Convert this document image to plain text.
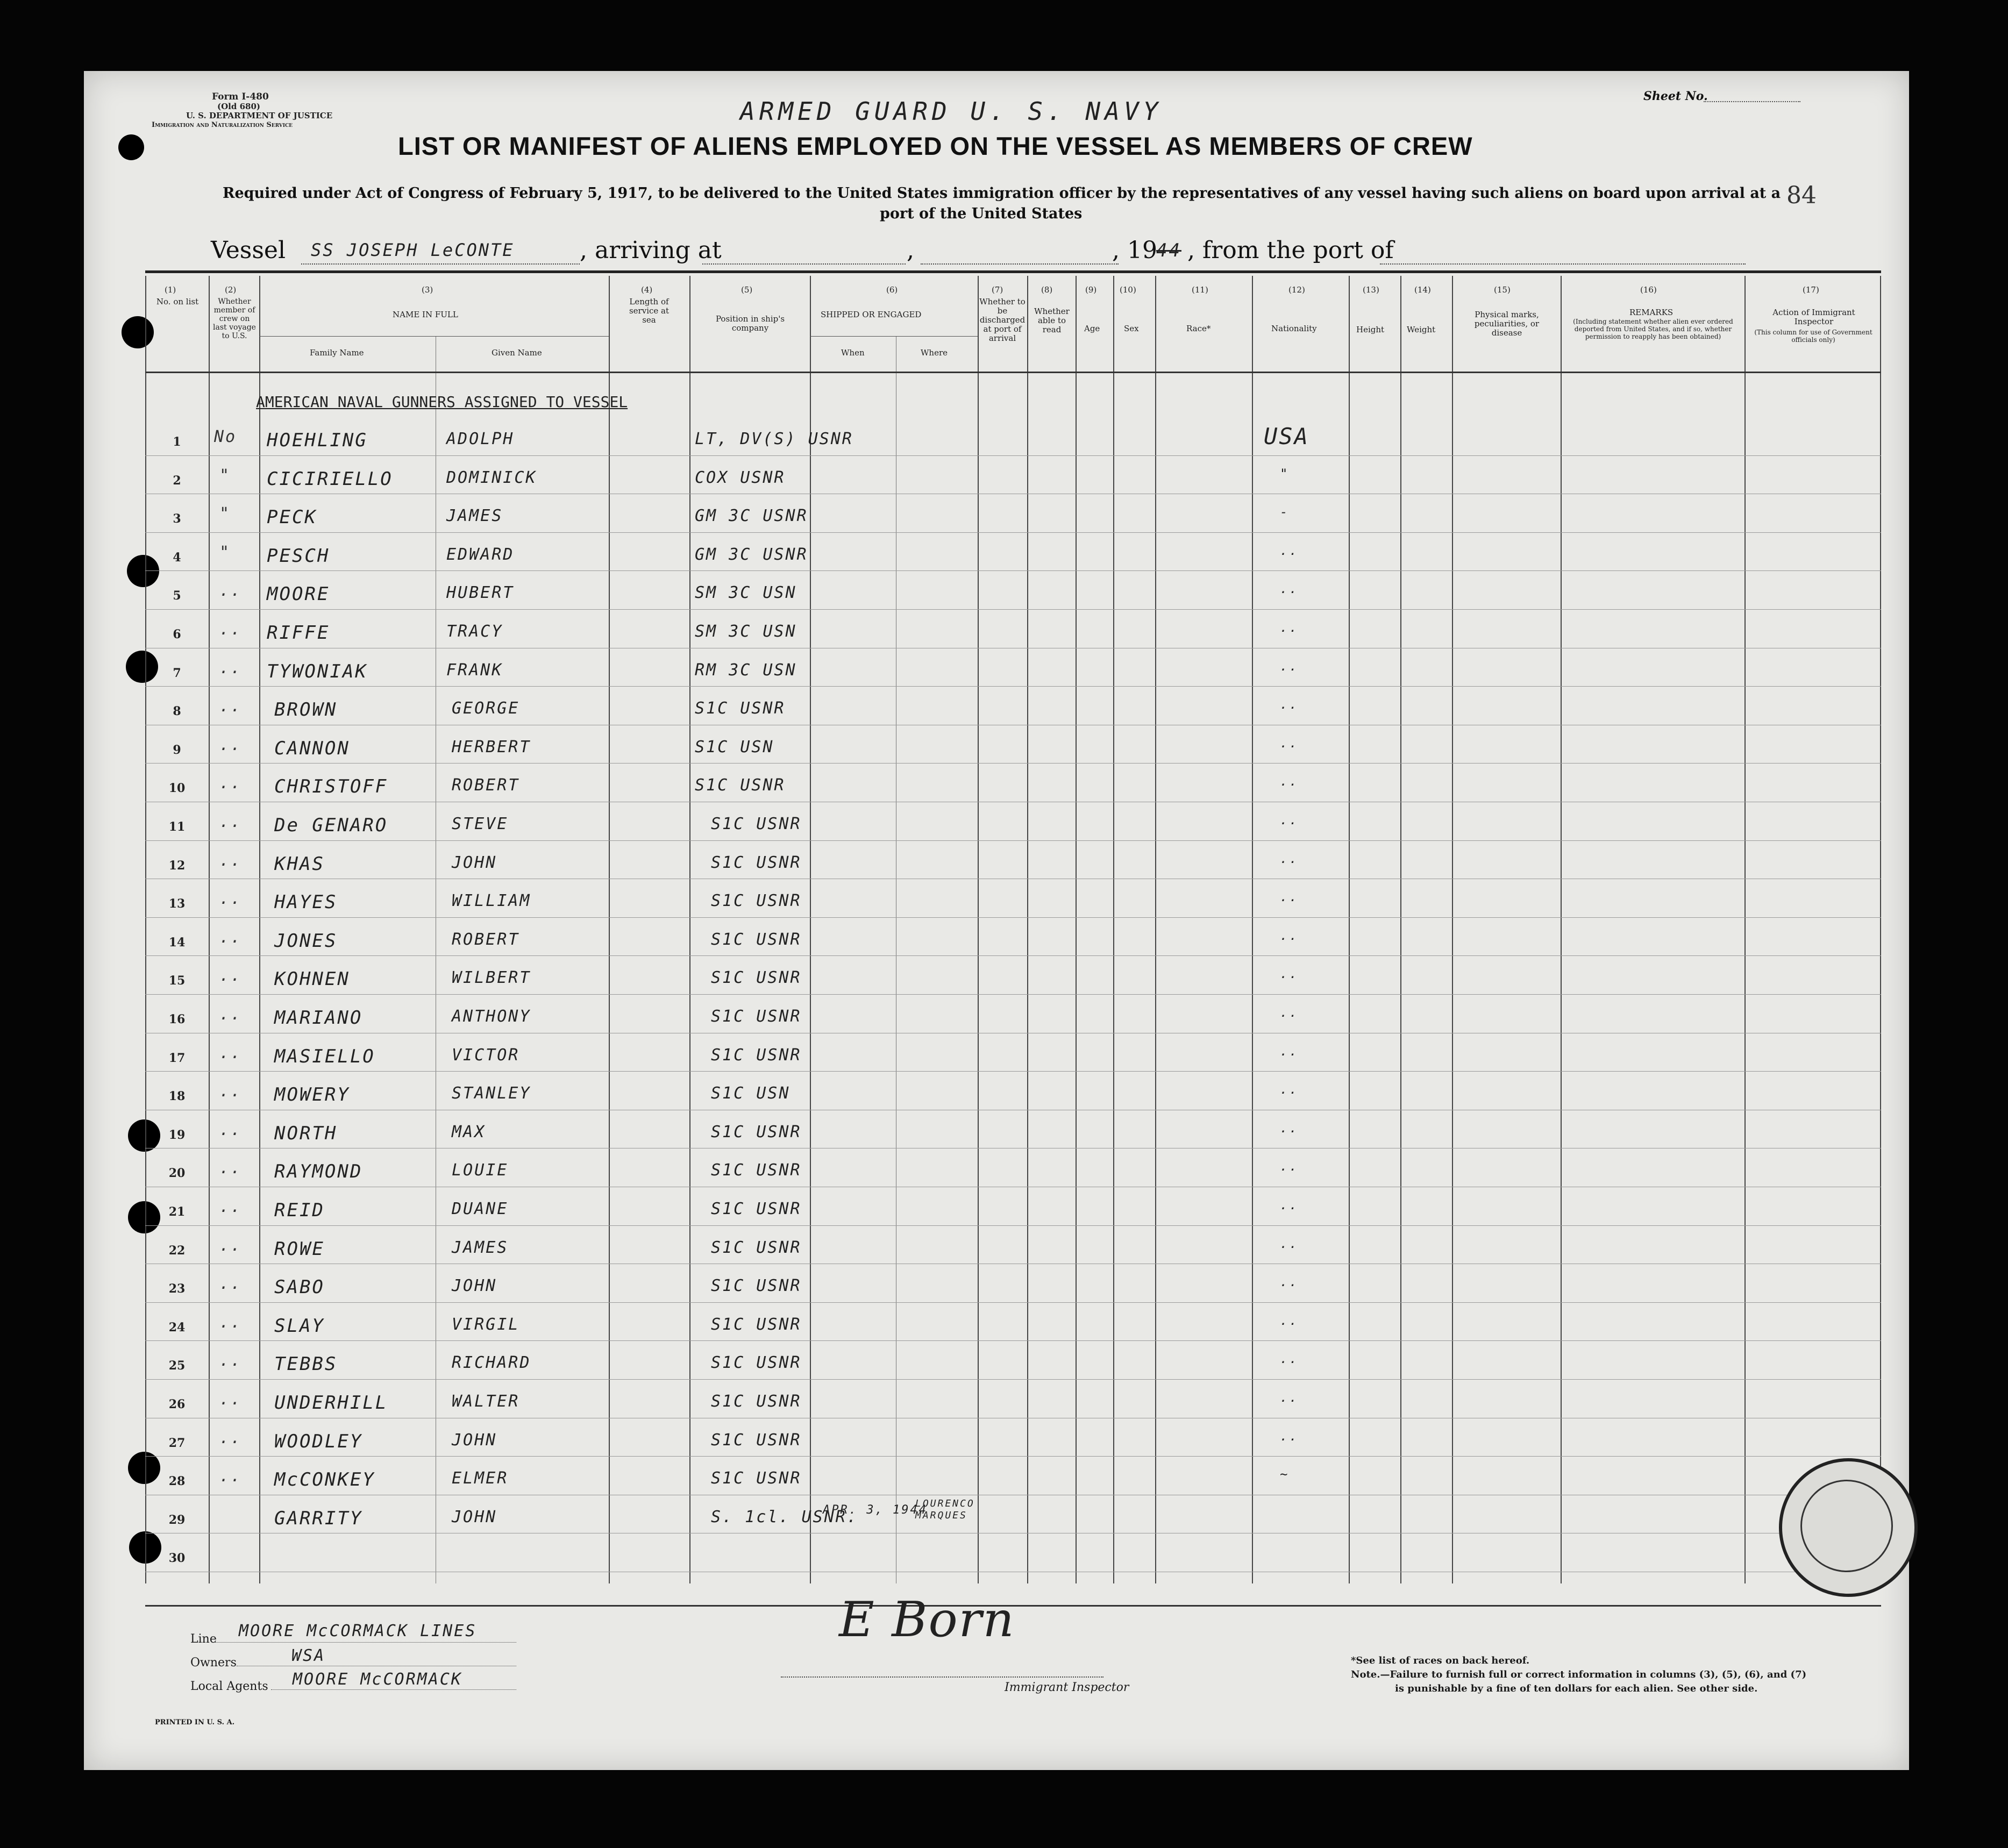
Form I-480
(Old 680)
U. S. DEPARTMENT OF JUSTICE
Immigration and Naturalization Service	ARMED GUARD U. S. NAVY
Sheet No.
LIST OR MANIFEST OF ALIENS EMPLOYED ON THE VESSEL AS MEMBERS OF CREW
Required under Act of Congress of February 5, 1917, to be delivered to the United States immigration officer by the representatives of any vessel having such aliens on board upon arrival at a
port of the United States
84
Vessel SS JOSEPH LeCONTE	, arriving at	,	, 19
44 , from the port of
(1)
No. on list
(2)
Whether member of crew on last voyage to U.S.
(3)
NAME IN FULL
Family Name	Given Name
(4)
Length of service at sea
(5)
Position in ship's company
(6)
SHIPPED OR ENGAGED
When	Where
(7)
Whether to be discharged at port of arrival
(8)
Whether able to read
(9)
Age
(10)
Sex
(11)
Race*
(12)
Nationality
(13)
Height
(14)
Weight
(15)
Physical marks, peculiarities, or disease
(16)
REMARKS
(Including statement whether alien ever ordered deported from United States, and if so, whether permission to reapply has been obtained)
(17)
Action of Immigrant Inspector
(This column for use of Government officials only)
AMERICAN NAVAL GUNNERS ASSIGNED TO VESSEL
1	No HOEHLING	ADOLPH	LT, DV(S) USNR	USA
2	" CICIRIELLO	DOMINICK	COX USNR	"
3	" PECK	JAMES	GM 3C USNR	-
4	" PESCH	EDWARD	GM 3C USNR	..
5	.. MOORE	HUBERT	SM 3C USN	..
6	.. RIFFE	TRACY	SM 3C USN	..
7	.. TYWONIAK	FRANK	RM 3C USN	..
8	.. BROWN	GEORGE	S1C USNR	..
9	.. CANNON	HERBERT	S1C USN	..
10	.. CHRISTOFF	ROBERT	S1C USNR	..
11	.. De GENARO	STEVE	S1C USNR	..
12	.. KHAS	JOHN	S1C USNR	..
13	.. HAYES	WILLIAM	S1C USNR	..
14	.. JONES	ROBERT	S1C USNR	..
15	.. KOHNEN	WILBERT	S1C USNR	..
16	.. MARIANO	ANTHONY	S1C USNR	..
17	.. MASIELLO	VICTOR	S1C USNR	..
18	.. MOWERY	STANLEY	S1C USN	..
19	.. NORTH	MAX	S1C USNR	..
20	.. RAYMOND	LOUIE	S1C USNR	..
21	.. REID	DUANE	S1C USNR	..
22	.. ROWE	JAMES	S1C USNR	..
23	.. SABO	JOHN	S1C USNR	..
24	.. SLAY	VIRGIL	S1C USNR	..
25	.. TEBBS	RICHARD	S1C USNR	..
26	.. UNDERHILL	WALTER	S1C USNR	..
27	.. WOODLEY	JOHN	S1C USNR	..
28	.. McCONKEY	ELMER	S1C USNR	~
29	GARRITY	JOHN	S. 1cl. USNR.
APR. 3, 1944
LOURENCO MARQUES
30
Line MOORE McCORMACK LINES
Owners	WSA
Local Agents MOORE McCORMACK
E Born
Immigrant Inspector
*See list of races on back hereof.
Note.—Failure to furnish full or correct information in columns (3), (5), (6), and (7)
is punishable by a fine of ten dollars for each alien. See other side.
PRINTED IN U. S. A.
